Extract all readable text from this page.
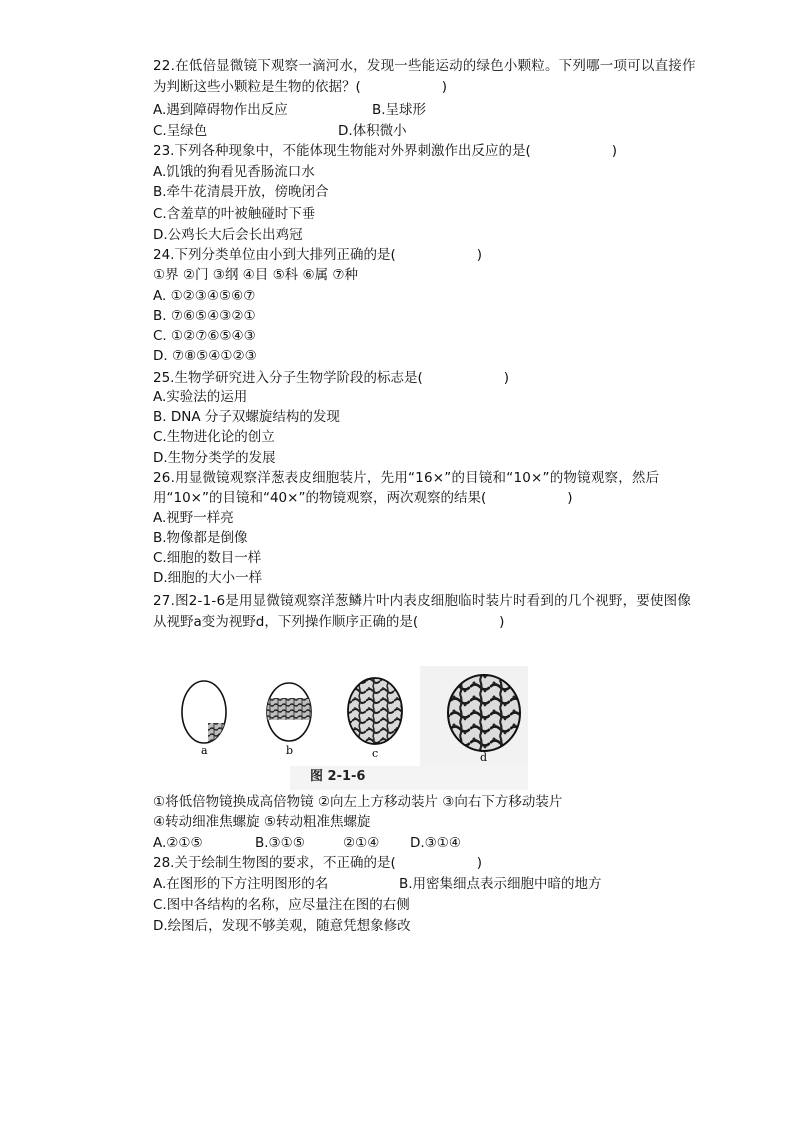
22.在低倍显微镜下观察一滴河水，发现一些能运动的绿色小颗粒。下列哪一项可以直接作
为判断这些小颗粒是生物的依据？(　　　　　　)
A.遇到障碍物作出反应	B.呈球形
C.呈绿色	D.体积微小
23.下列各种现象中，不能体现生物能对外界刺激作出反应的是(　　　　　　)
A.饥饿的狗看见香肠流口水
B.牵牛花清晨开放，傍晚闭合
C.含羞草的叶被触碰时下垂
D.公鸡长大后会长出鸡冠
24.下列分类单位由小到大排列正确的是(　　　　　　)
①界 ②门 ③纲 ④目 ⑤科 ⑥属 ⑦种
A. ①②③④⑤⑥⑦
B. ⑦⑥⑤④③②①
C. ①②⑦⑥⑤④③
D. ⑦⑧⑤④①②③
25.生物学研究进入分子生物学阶段的标志是(　　　　　　)
A.实验法的运用
B. DNA 分子双螺旋结构的发现
C.生物进化论的创立
D.生物分类学的发展
26.用显微镜观察洋葱表皮细胞装片，先用“16×”的目镜和“10×”的物镜观察，然后
用“10×”的目镜和“40×”的物镜观察，两次观察的结果(　　　　　　)
A.视野一样亮
B.物像都是倒像
C.细胞的数目一样
D.细胞的大小一样
27.图2-1-6是用显微镜观察洋葱鳞片叶内表皮细胞临时装片时看到的几个视野，要使图像
从视野a变为视野d，下列操作顺序正确的是(　　　　　　)
a	b	c	d
图 2-1-6
①将低倍物镜换成高倍物镜 ②向左上方移动装片 ③向右下方移动装片
④转动细准焦螺旋 ⑤转动粗准焦螺旋
A.②①⑤	B.③①⑤	②①④ D.③①④
28.关于绘制生物图的要求，不正确的是(　　　　　　)
A.在图形的下方注明图形的名	B.用密集细点表示细胞中暗的地方
C.图中各结构的名称，应尽量注在图的右侧
D.绘图后，发现不够美观，随意凭想象修改
